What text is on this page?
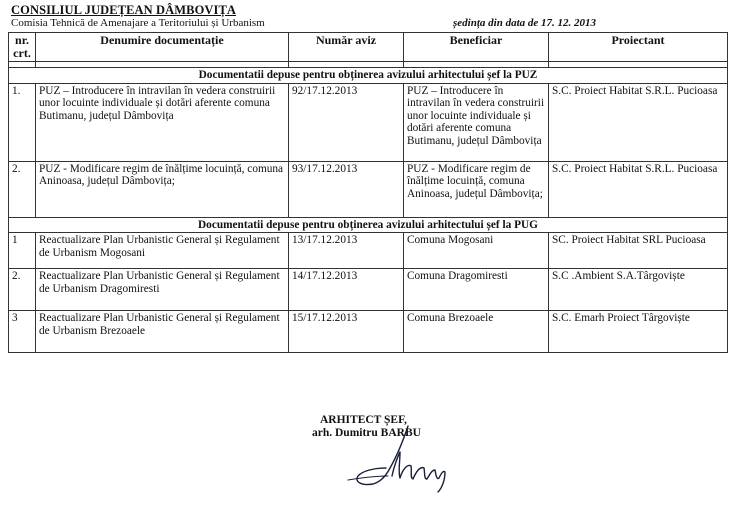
CONSILIUL JUDEȚEAN DÂMBOVIȚA
Comisia Tehnică de Amenajare a Teritoriului și Urbanism	ședința din data de 17. 12. 2013
nr. crt.	Denumire documentație	Număr aviz	Beneficiar	Proiectant

Documentatii depuse pentru obținerea avizului arhitectului șef la PUZ				
1.	PUZ – Introducere în intravilan în vedera construirii unor locuinte individuale și dotări aferente comuna Butimanu, județul Dâmbovița	92/17.12.2013	PUZ – Introducere în intravilan în vedera construirii unor locuinte individuale și dotări aferente comuna Butimanu, județul Dâmbovița	S.C. Proiect Habitat S.R.L. Pucioasa
2.	PUZ - Modificare regim de înălțime locuință, comuna Aninoasa, județul Dâmbovița;	93/17.12.2013	PUZ - Modificare regim de înălțime locuință, comuna Aninoasa, județul Dâmbovița;	S.C. Proiect Habitat S.R.L. Pucioasa
Documentatii depuse pentru obținerea avizului arhitectului șef la PUG				
1	Reactualizare Plan Urbanistic General și Regulament de Urbanism Mogosani	13/17.12.2013	Comuna Mogosani	SC. Proiect Habitat SRL Pucioasa
2.	Reactualizare Plan Urbanistic General și Regulament de Urbanism Dragomiresti	14/17.12.2013	Comuna Dragomiresti	S.C .Ambient S.A.Târgoviște
3	Reactualizare Plan Urbanistic General și Regulament de Urbanism Brezoaele	15/17.12.2013	Comuna Brezoaele	S.C. Emarh Proiect Târgoviște
ARHITECT ȘEF,
arh. Dumitru BARBU
